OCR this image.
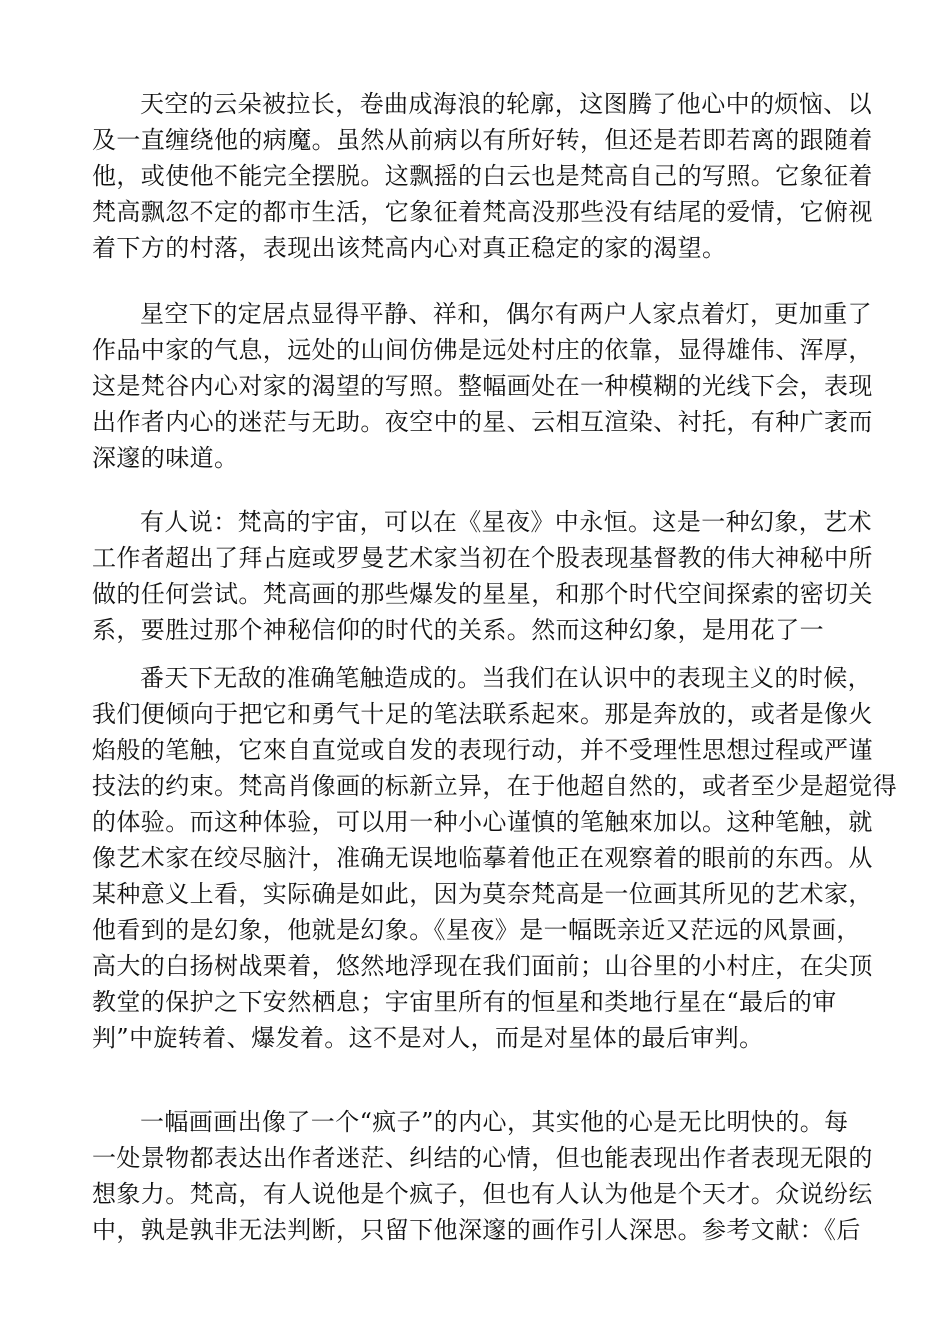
天空的云朵被拉长，卷曲成海浪的轮廓，这图腾了他心中的烦恼、以
及一直缠绕他的病魔。虽然从前病以有所好转，但还是若即若离的跟随着
他，或使他不能完全摆脱。这飘摇的白云也是梵高自己的写照。它象征着
梵高飘忽不定的都市生活，它象征着梵高没那些没有结尾的爱情，它俯视
着下方的村落，表现出该梵高内心对真正稳定的家的渴望。

星空下的定居点显得平静、祥和，偶尔有两户人家点着灯，更加重了
作品中家的气息，远处的山间仿佛是远处村庄的依靠，显得雄伟、浑厚，
这是梵谷内心对家的渴望的写照。整幅画处在一种模糊的光线下会，表现
出作者内心的迷茫与无助。夜空中的星、云相互渲染、衬托，有种广袤而
深邃的味道。

有人说：梵高的宇宙，可以在《星夜》中永恒。这是一种幻象，艺术
工作者超出了拜占庭或罗曼艺术家当初在个股表现基督教的伟大神秘中所
做的任何尝试。梵高画的那些爆发的星星，和那个时代空间探索的密切关
系，要胜过那个神秘信仰的时代的关系。然而这种幻象，是用花了一

番天下无敌的准确笔触造成的。当我们在认识中的表现主义的时候，
我们便倾向于把它和勇气十足的笔法联系起來。那是奔放的，或者是像火
焰般的笔触，它來自直觉或自发的表现行动，并不受理性思想过程或严谨
技法的约束。梵高肖像画的标新立异，在于他超自然的，或者至少是超觉得
的体验。而这种体验，可以用一种小心谨慎的笔触來加以。这种笔触，就
像艺术家在绞尽脑汁，准确无误地临摹着他正在观察着的眼前的东西。从
某种意义上看，实际确是如此，因为莫奈梵高是一位画其所见的艺术家，
他看到的是幻象，他就是幻象。《星夜》是一幅既亲近又茫远的风景画，
高大的白扬树战栗着，悠然地浮现在我们面前；山谷里的小村庄，在尖顶
教堂的保护之下安然栖息；宇宙里所有的恒星和类地行星在“最后的审
判”中旋转着、爆发着。这不是对人，而是对星体的最后审判。

一幅画画出像了一个“疯子”的内心，其实他的心是无比明快的。每
一处景物都表达出作者迷茫、纠结的心情，但也能表现出作者表现无限的
想象力。梵高，有人说他是个疯子，但也有人认为他是个天才。众说纷纭
中，孰是孰非无法判断，只留下他深邃的画作引人深思。参考文献：《后
